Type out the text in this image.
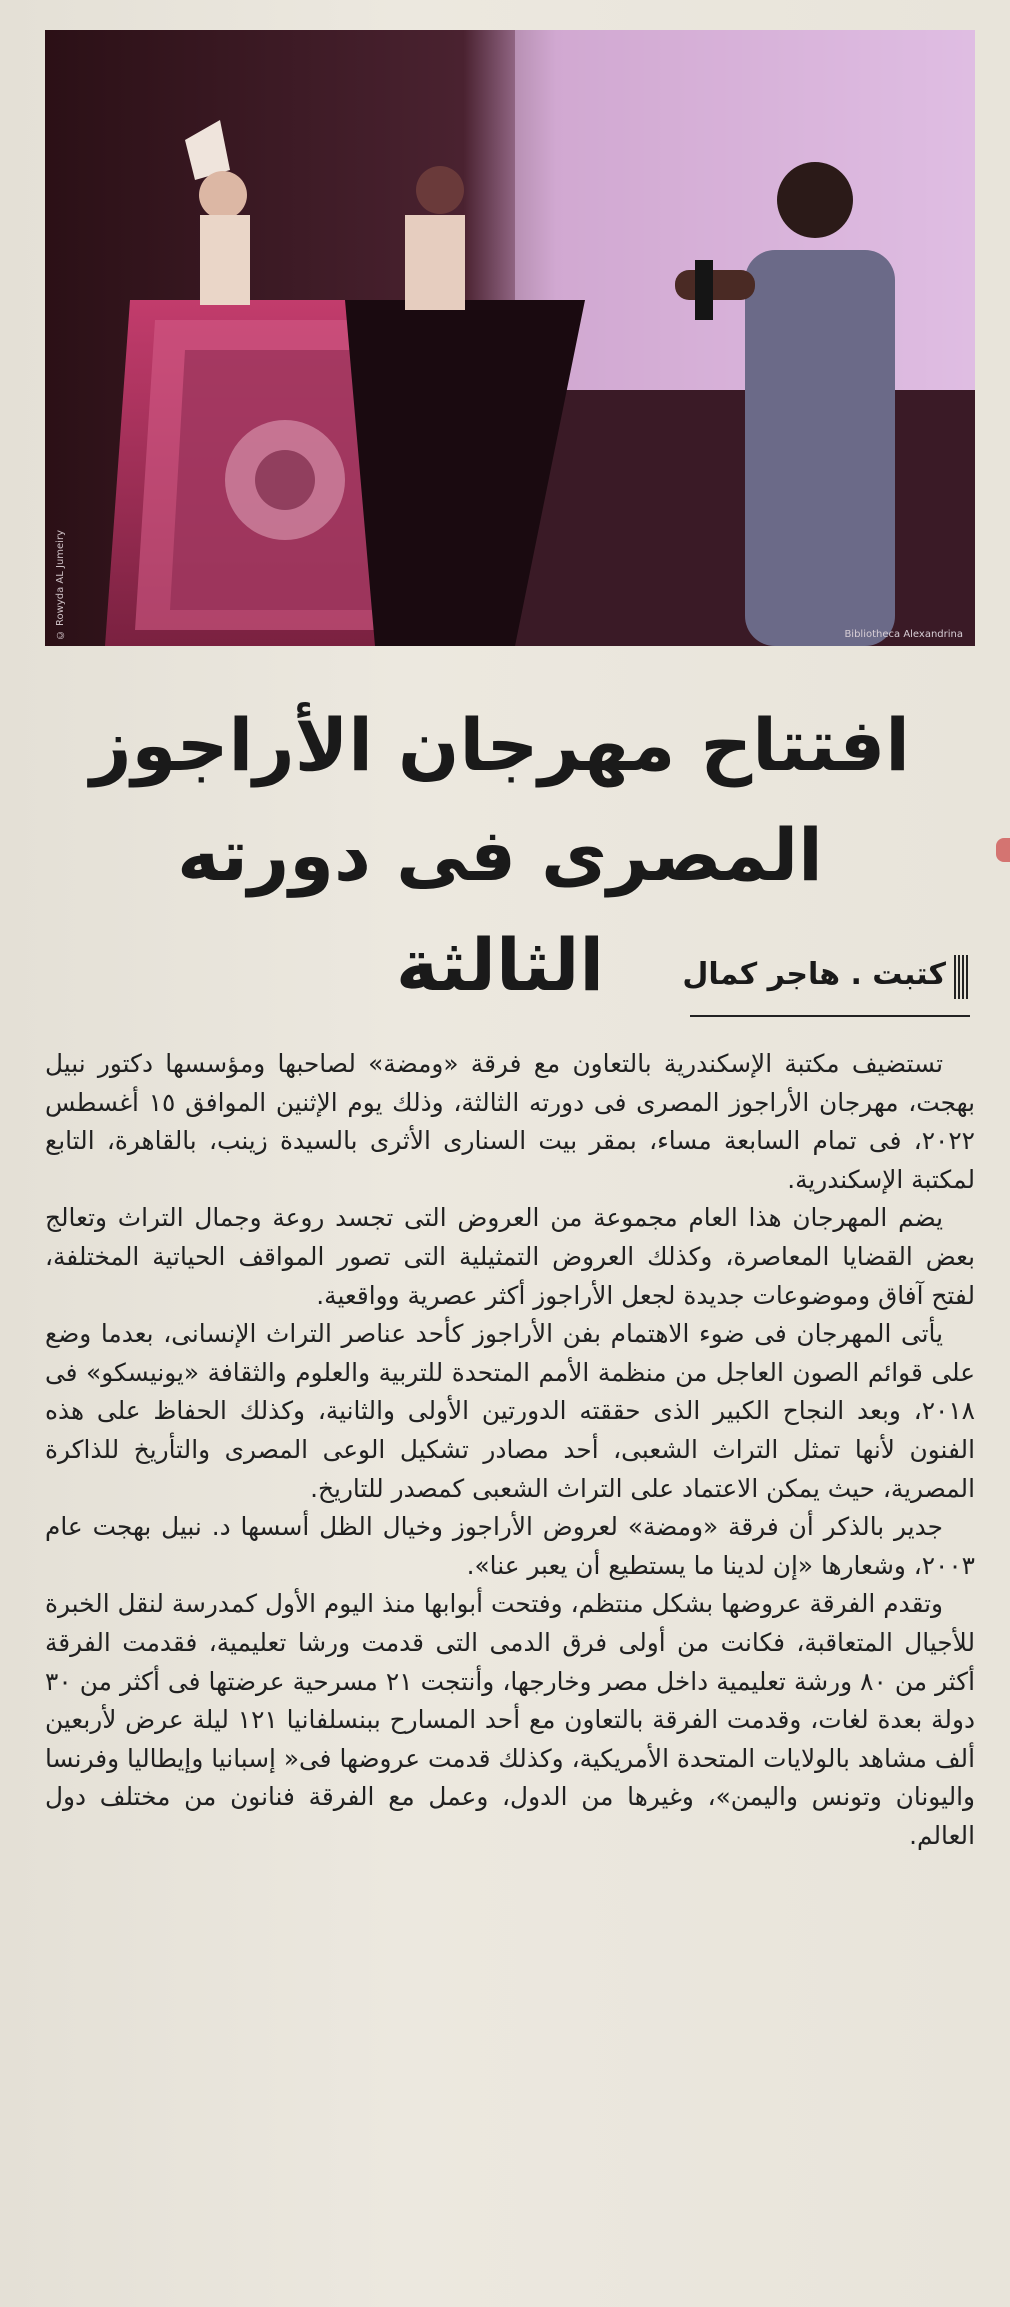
© Rowyda AL Jumeiry	Bibliotheca Alexandrina
افتتاح مهرجان الأراجوز
المصرى فى دورته الثالثة	كتبت . هاجر كمال

تستضيف مكتبة الإسكندرية بالتعاون مع فرقة «ومضة» لصاحبها ومؤسسها دكتور نبيل بهجت، مهرجان الأراجوز المصرى فى دورته الثالثة، وذلك يوم الإثنين الموافق ١٥ أغسطس ٢٠٢٢، فى تمام السابعة مساء، بمقر بيت السنارى الأثرى بالسيدة زينب، بالقاهرة، التابع لمكتبة الإسكندرية.

يضم المهرجان هذا العام مجموعة من العروض التى تجسد روعة وجمال التراث وتعالج بعض القضايا المعاصرة، وكذلك العروض التمثيلية التى تصور المواقف الحياتية المختلفة، لفتح آفاق وموضوعات جديدة لجعل الأراجوز أكثر عصرية وواقعية.

يأتى المهرجان فى ضوء الاهتمام بفن الأراجوز كأحد عناصر التراث الإنسانى، بعدما وضع على قوائم الصون العاجل من منظمة الأمم المتحدة للتربية والعلوم والثقافة «يونيسكو» فى ٢٠١٨، وبعد النجاح الكبير الذى حققته الدورتين الأولى والثانية، وكذلك الحفاظ على هذه الفنون لأنها تمثل التراث الشعبى، أحد مصادر تشكيل الوعى المصرى والتأريخ للذاكرة المصرية، حيث يمكن الاعتماد على التراث الشعبى كمصدر للتاريخ.

جدير بالذكر أن فرقة «ومضة» لعروض الأراجوز وخيال الظل أسسها د. نبيل بهجت عام ٢٠٠٣، وشعارها «إن لدينا ما يستطيع أن يعبر عنا».

وتقدم الفرقة عروضها بشكل منتظم، وفتحت أبوابها منذ اليوم الأول كمدرسة لنقل الخبرة للأجيال المتعاقبة، فكانت من أولى فرق الدمى التى قدمت ورشا تعليمية، فقدمت الفرقة أكثر من ٨٠ ورشة تعليمية داخل مصر وخارجها، وأنتجت ٢١ مسرحية عرضتها فى أكثر من ٣٠ دولة بعدة لغات، وقدمت الفرقة بالتعاون مع أحد المسارح ببنسلفانيا ١٢١ ليلة عرض لأربعين ألف مشاهد بالولايات المتحدة الأمريكية، وكذلك قدمت عروضها فى« إسبانيا وإيطاليا وفرنسا واليونان وتونس واليمن»، وغيرها من الدول، وعمل مع الفرقة فنانون من مختلف دول العالم.
